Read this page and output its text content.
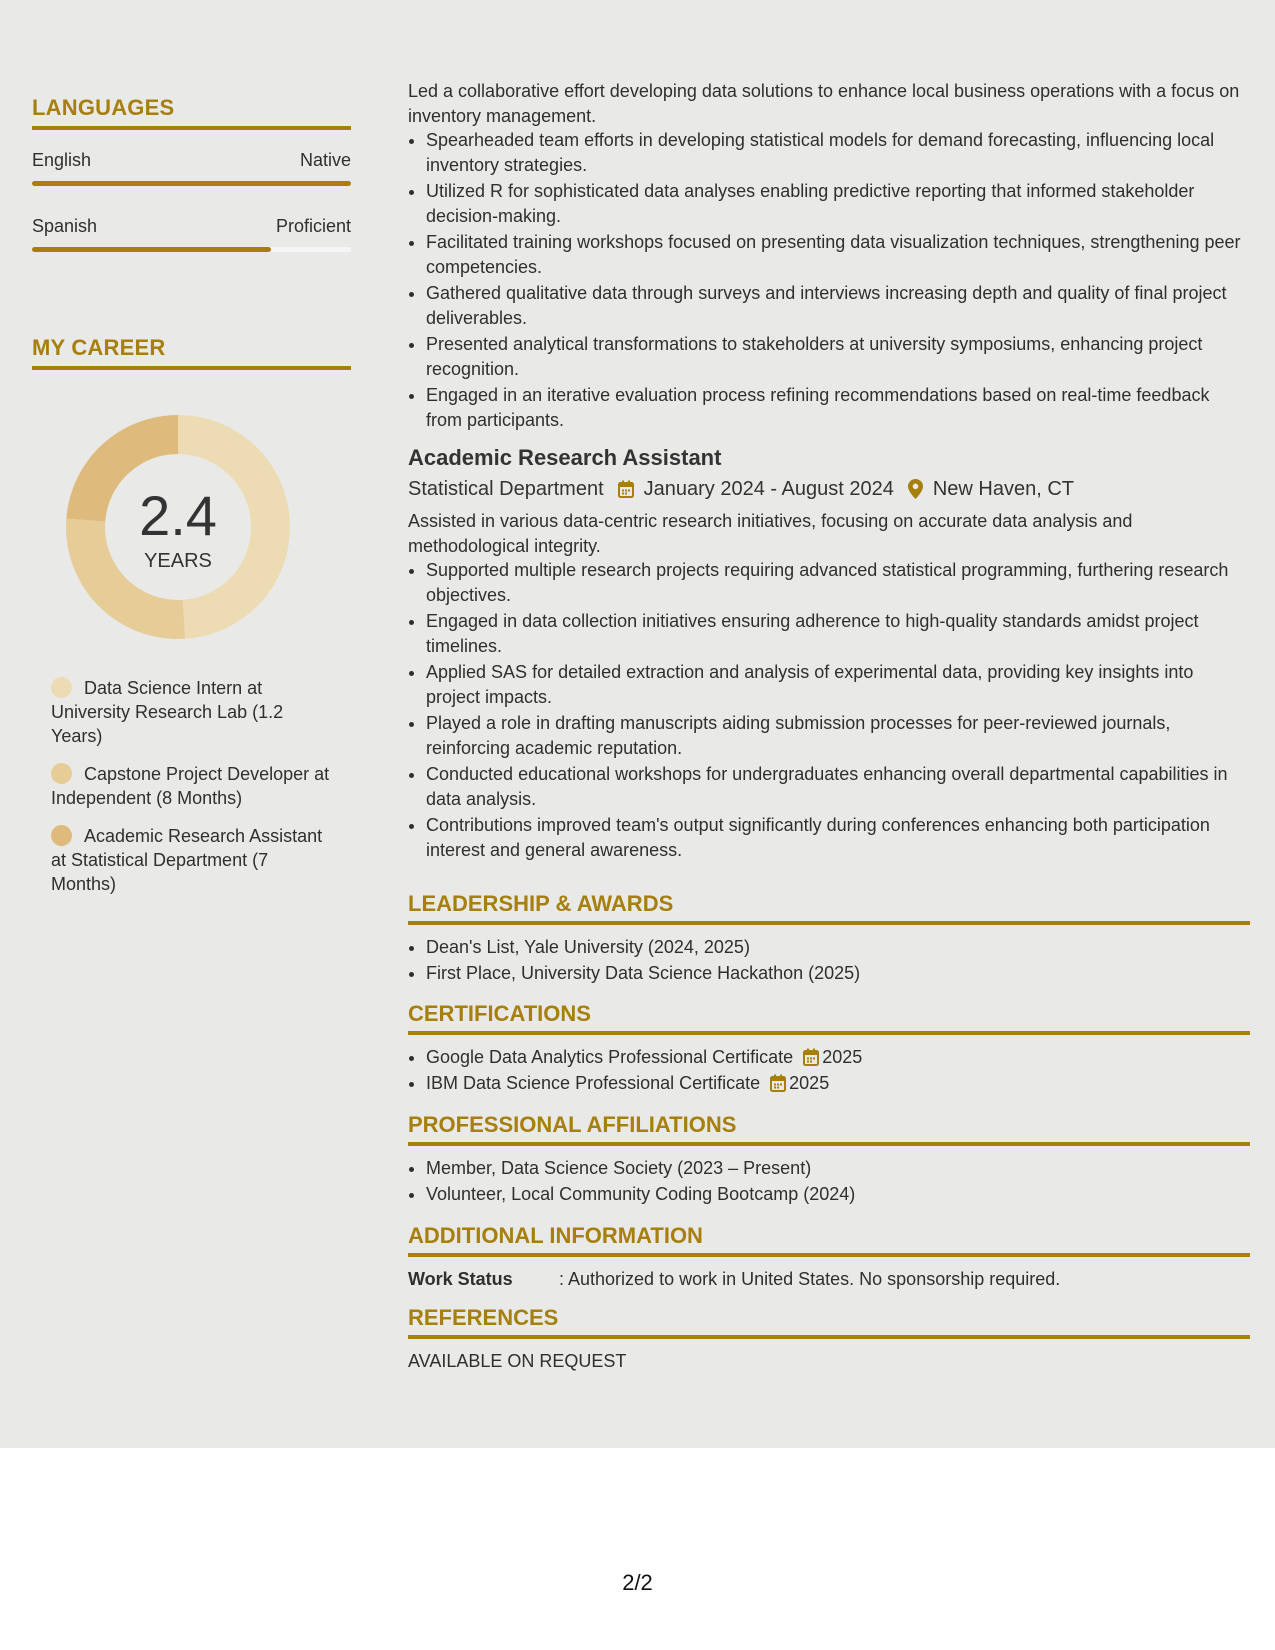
LANGUAGES
English	Native
Spanish	Proficient
MY CAREER
2.4
YEARS
Data Science Intern at University Research Lab (1.2 Years)
Capstone Project Developer at Independent (8 Months)
Academic Research Assistant at Statistical Department (7 Months)

Led a collaborative effort developing data solutions to enhance local business operations with a focus on inventory management.

• Spearheaded team efforts in developing statistical models for demand forecasting, influencing local inventory strategies.
• Utilized R for sophisticated data analyses enabling predictive reporting that informed stakeholder decision-making.
• Facilitated training workshops focused on presenting data visualization techniques, strengthening peer competencies.
• Gathered qualitative data through surveys and interviews increasing depth and quality of final project deliverables.
• Presented analytical transformations to stakeholders at university symposiums, enhancing project recognition.
• Engaged in an iterative evaluation process refining recommendations based on real-time feedback from participants.
Academic Research Assistant
Statistical Department January 2024 - August 2024 New Haven, CT

Assisted in various data-centric research initiatives, focusing on accurate data analysis and methodological integrity.

• Supported multiple research projects requiring advanced statistical programming, furthering research objectives.
• Engaged in data collection initiatives ensuring adherence to high-quality standards amidst project timelines.
• Applied SAS for detailed extraction and analysis of experimental data, providing key insights into project impacts.
• Played a role in drafting manuscripts aiding submission processes for peer-reviewed journals, reinforcing academic reputation.
• Conducted educational workshops for undergraduates enhancing overall departmental capabilities in data analysis.
• Contributions improved team's output significantly during conferences enhancing both participation interest and general awareness.
LEADERSHIP & AWARDS
• Dean's List, Yale University (2024, 2025)
• First Place, University Data Science Hackathon (2025)
CERTIFICATIONS
• Google Data Analytics Professional Certificate 2025
• IBM Data Science Professional Certificate 2025
PROFESSIONAL AFFILIATIONS
• Member, Data Science Society (2023 – Present)
• Volunteer, Local Community Coding Bootcamp (2024)
ADDITIONAL INFORMATION
Work Status	: Authorized to work in United States. No sponsorship required.
REFERENCES
AVAILABLE ON REQUEST
2/2
